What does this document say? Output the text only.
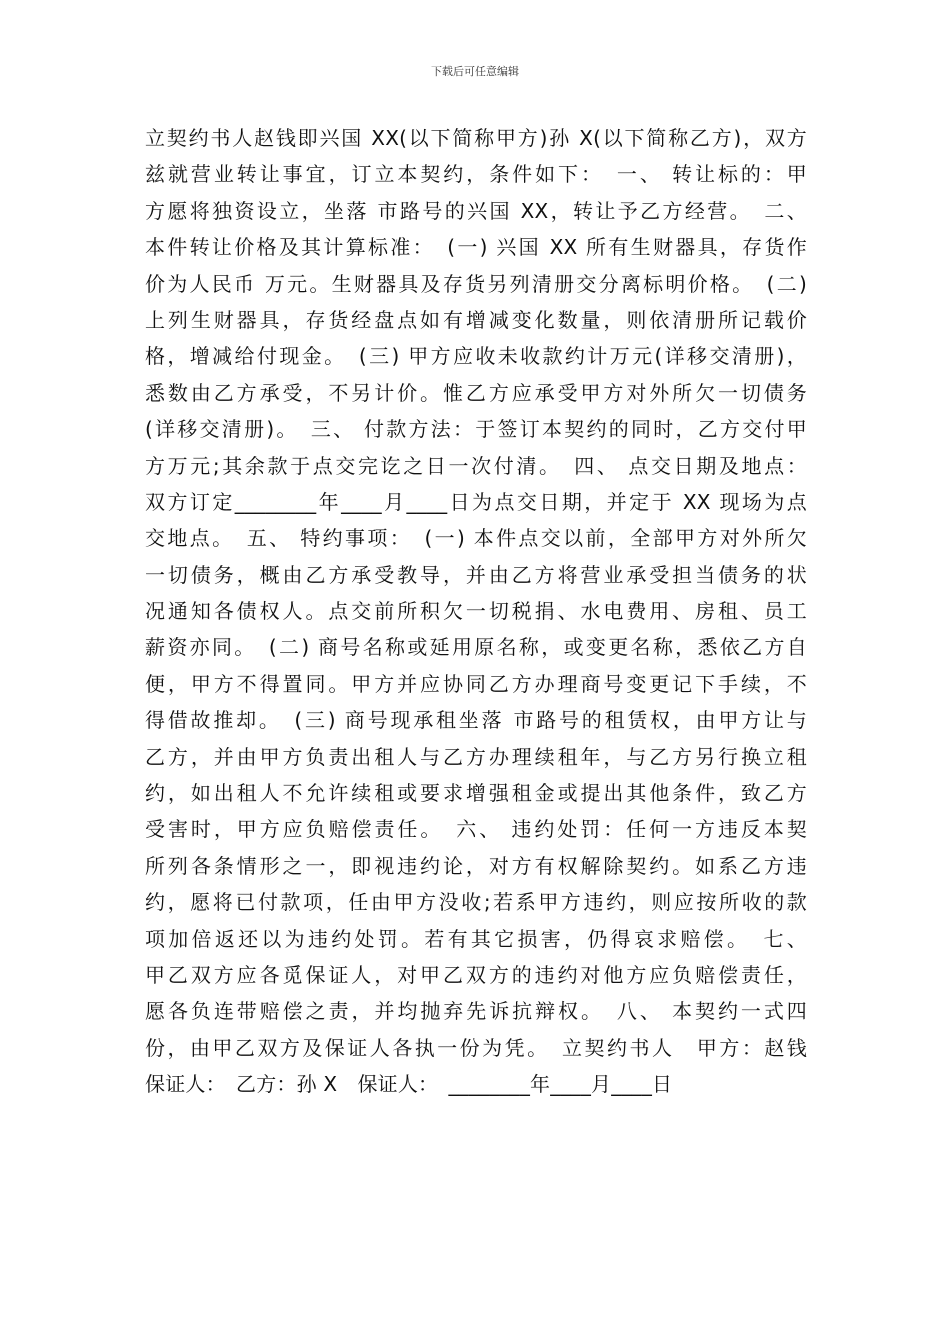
下载后可任意编辑
立契约书人赵钱即兴国 XX(以下简称甲方)孙 X(以下简称乙方)，双方
兹就营业转让事宜，订立本契约，条件如下：　一、 转让标的：甲
方愿将独资设立，坐落 市路号的兴国 XX，转让予乙方经营。　二、
本件转让价格及其计算标准：　(一) 兴国 XX 所有生财器具，存货作
价为人民币 万元。生财器具及存货另列清册交分离标明价格。　(二)
上列生财器具，存货经盘点如有增减变化数量，则依清册所记载价
格，增减给付现金。　(三) 甲方应收未收款约计万元(详移交清册)，
悉数由乙方承受，不另计价。惟乙方应承受甲方对外所欠一切债务
(详移交清册)。　三、 付款方法：于签订本契约的同时，乙方交付甲
方万元;其余款于点交完讫之日一次付清。　四、 点交日期及地点：
双方订定________年____月____日为点交日期，并定于 XX 现场为点
交地点。　五、 特约事项：　(一) 本件点交以前，全部甲方对外所欠
一切债务，概由乙方承受教导，并由乙方将营业承受担当债务的状
况通知各债权人。点交前所积欠一切税捐、水电费用、房租、员工
薪资亦同。　(二) 商号名称或延用原名称，或变更名称，悉依乙方自
便，甲方不得置同。甲方并应协同乙方办理商号变更记下手续，不
得借故推却。　(三) 商号现承租坐落 市路号的租赁权，由甲方让与
乙方，并由甲方负责出租人与乙方办理续租年，与乙方另行换立租
约，如出租人不允许续租或要求增强租金或提出其他条件，致乙方
受害时，甲方应负赔偿责任。　六、 违约处罚：任何一方违反本契
所列各条情形之一，即视违约论，对方有权解除契约。如系乙方违
约，愿将已付款项，任由甲方没收;若系甲方违约，则应按所收的款
项加倍返还以为违约处罚。若有其它损害，仍得哀求赔偿。　七、
甲乙双方应各觅保证人，对甲乙双方的违约对他方应负赔偿责任，
愿各负连带赔偿之责，并均抛弃先诉抗辩权。　八、 本契约一式四
份，由甲乙双方及保证人各执一份为凭。　立契约书人　甲方：赵钱
保证人：　乙方：孙 X　保证人：　________年____月____日
